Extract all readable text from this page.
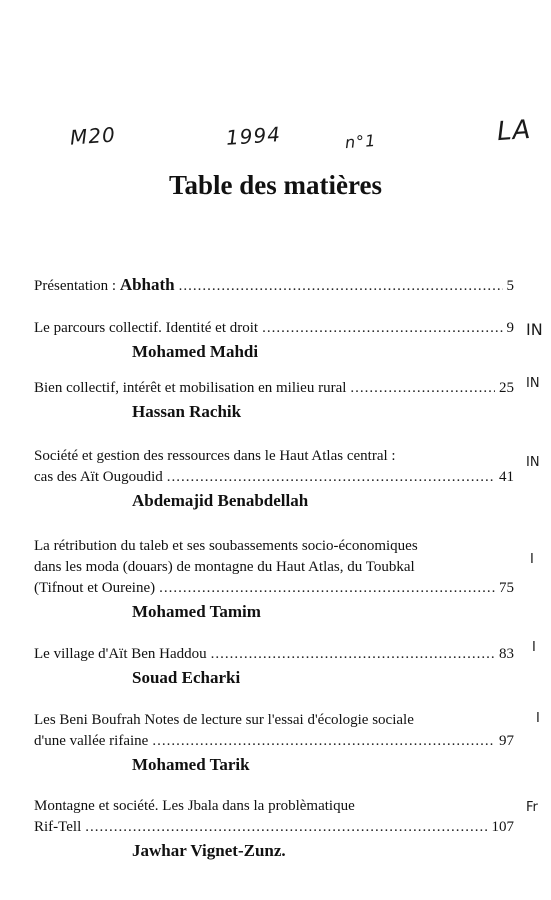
M20	1994	n°1	LA
Table des matières
Présentation : Abhath .....	5
Le parcours collectif. Identité et droit .....	9
Mohamed Mahdi
IN
Bien collectif, intérêt et mobilisation en milieu rural .....	25
Hassan Rachik
IN
Société et gestion des ressources dans le Haut Atlas central :
cas des Aït Ougoudid .....	41
Abdemajid Benabdellah
IN
La rétribution du taleb et ses soubassements socio-économiques
dans les moda (douars) de montagne du Haut Atlas, du Toubkal
(Tifnout et Oureine) .....	75
Mohamed Tamim
I
Le village d'Aït Ben Haddou .....	83
Souad Echarki
I
Les Beni Boufrah Notes de lecture sur l'essai d'écologie sociale
d'une vallée rifaine .....	97
Mohamed Tarik
I
Montagne et société. Les Jbala dans la problèmatique
Rif-Tell .....	107
Jawhar Vignet-Zunz.
Fr
